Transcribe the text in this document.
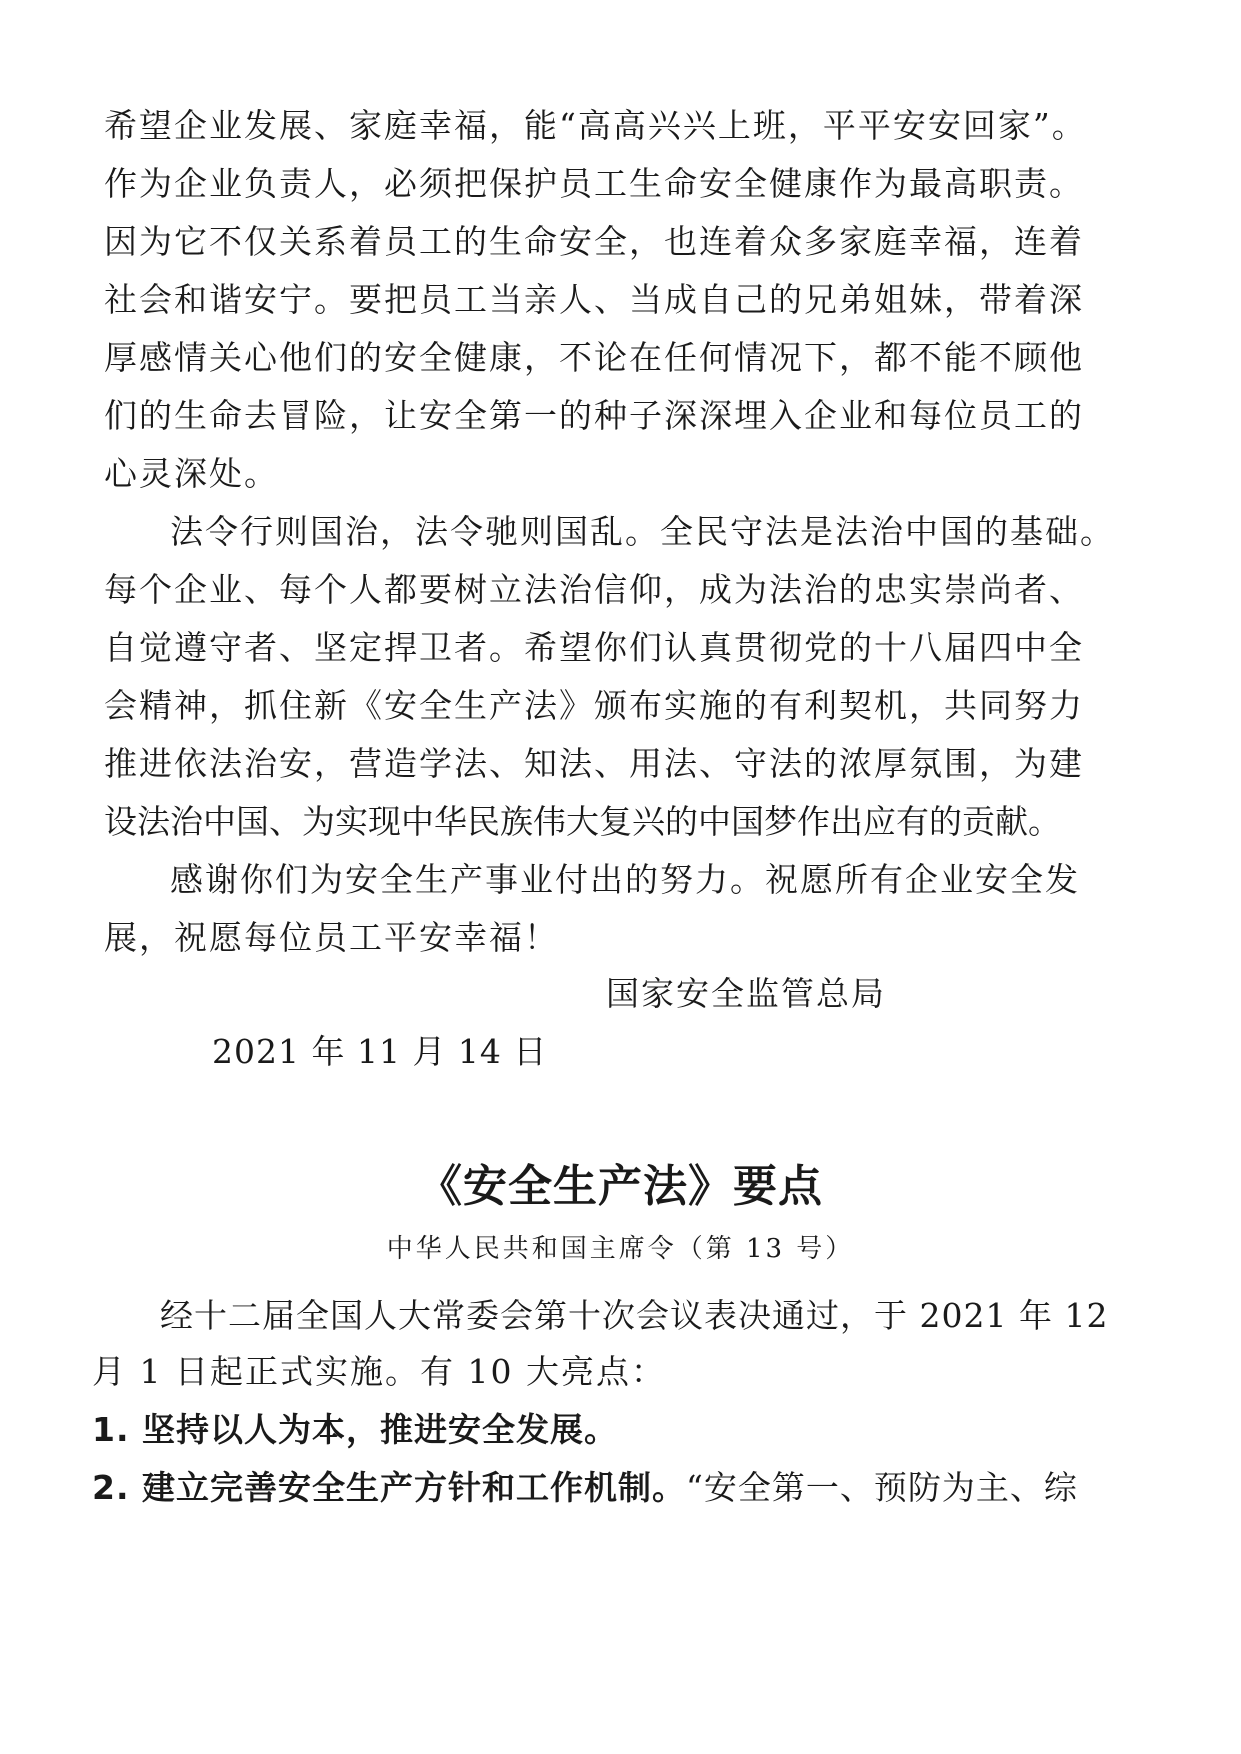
希望企业发展、家庭幸福，能“高高兴兴上班，平平安安回家”。
作为企业负责人，必须把保护员工生命安全健康作为最高职责。
因为它不仅关系着员工的生命安全，也连着众多家庭幸福，连着
社会和谐安宁。要把员工当亲人、当成自己的兄弟姐妹，带着深
厚感情关心他们的安全健康，不论在任何情况下，都不能不顾他
们的生命去冒险，让安全第一的种子深深埋入企业和每位员工的
心灵深处。
法令行则国治，法令驰则国乱。全民守法是法治中国的基础。
每个企业、每个人都要树立法治信仰，成为法治的忠实崇尚者、
自觉遵守者、坚定捍卫者。希望你们认真贯彻党的十八届四中全
会精神，抓住新《安全生产法》颁布实施的有利契机，共同努力
推进依法治安，营造学法、知法、用法、守法的浓厚氛围，为建
设法治中国、为实现中华民族伟大复兴的中国梦作出应有的贡献。
感谢你们为安全生产事业付出的努力。祝愿所有企业安全发
展，祝愿每位员工平安幸福！
国家安全监管总局
2021 年 11 月 14 日
《安全生产法》要点
中华人民共和国主席令（第 13 号）
经十二届全国人大常委会第十次会议表决通过，于 2021 年 12
月 1 日起正式实施。有 10 大亮点：
1. 坚持以人为本，推进安全发展。
2. 建立完善安全生产方针和工作机制。“安全第一、预防为主、综
